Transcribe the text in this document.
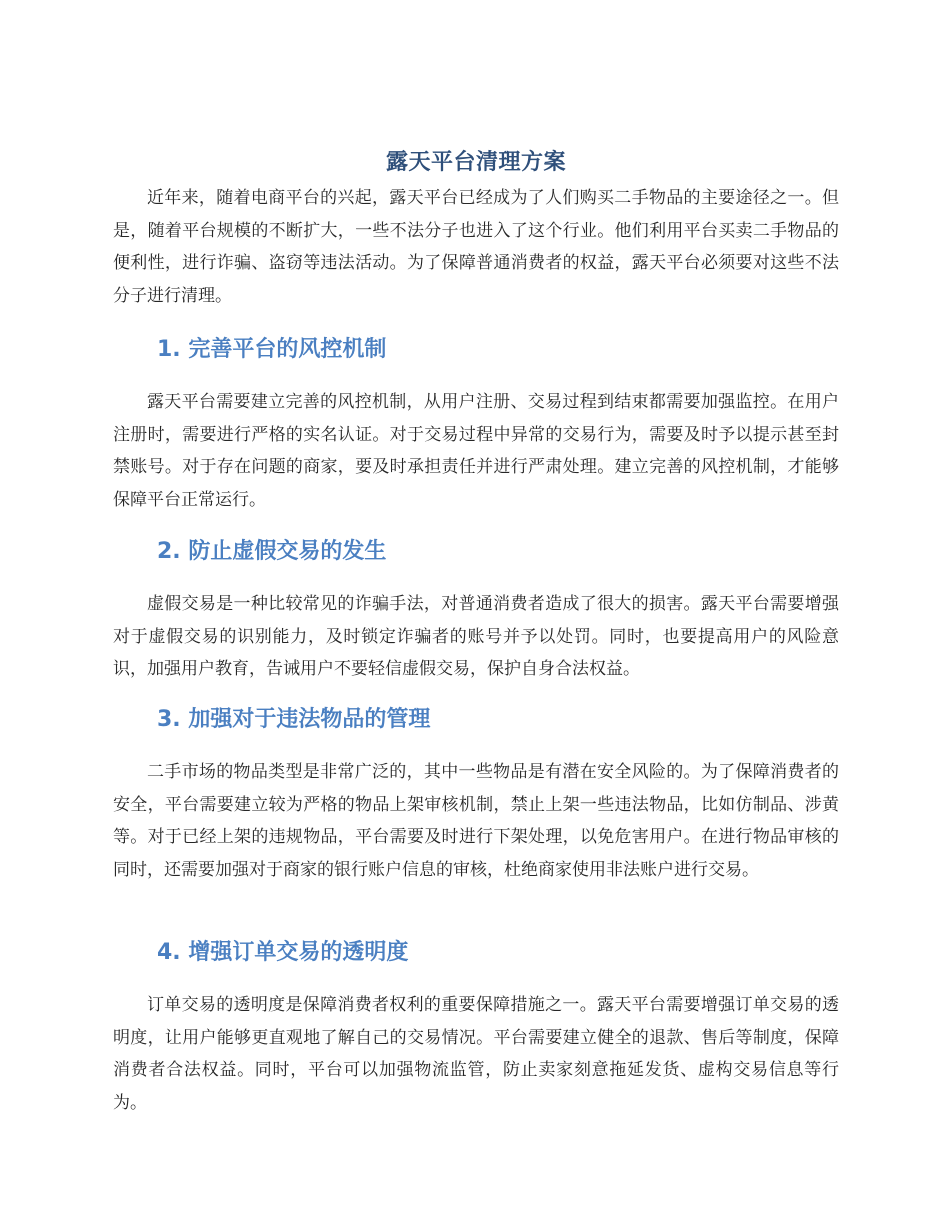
露天平台清理方案

近年来，随着电商平台的兴起，露天平台已经成为了人们购买二手物品的主要途径之一。但是，随着平台规模的不断扩大，一些不法分子也进入了这个行业。他们利用平台买卖二手物品的便利性，进行诈骗、盗窃等违法活动。为了保障普通消费者的权益，露天平台必须要对这些不法分子进行清理。

1. 完善平台的风控机制

露天平台需要建立完善的风控机制，从用户注册、交易过程到结束都需要加强监控。在用户注册时，需要进行严格的实名认证。对于交易过程中异常的交易行为，需要及时予以提示甚至封禁账号。对于存在问题的商家，要及时承担责任并进行严肃处理。建立完善的风控机制，才能够保障平台正常运行。

2. 防止虚假交易的发生

虚假交易是一种比较常见的诈骗手法，对普通消费者造成了很大的损害。露天平台需要增强对于虚假交易的识别能力，及时锁定诈骗者的账号并予以处罚。同时，也要提高用户的风险意识，加强用户教育，告诫用户不要轻信虚假交易，保护自身合法权益。

3. 加强对于违法物品的管理

二手市场的物品类型是非常广泛的，其中一些物品是有潜在安全风险的。为了保障消费者的安全，平台需要建立较为严格的物品上架审核机制，禁止上架一些违法物品，比如仿制品、涉黄等。对于已经上架的违规物品，平台需要及时进行下架处理，以免危害用户。在进行物品审核的同时，还需要加强对于商家的银行账户信息的审核，杜绝商家使用非法账户进行交易。

4. 增强订单交易的透明度

订单交易的透明度是保障消费者权利的重要保障措施之一。露天平台需要增强订单交易的透明度，让用户能够更直观地了解自己的交易情况。平台需要建立健全的退款、售后等制度，保障消费者合法权益。同时，平台可以加强物流监管，防止卖家刻意拖延发货、虚构交易信息等行为。
